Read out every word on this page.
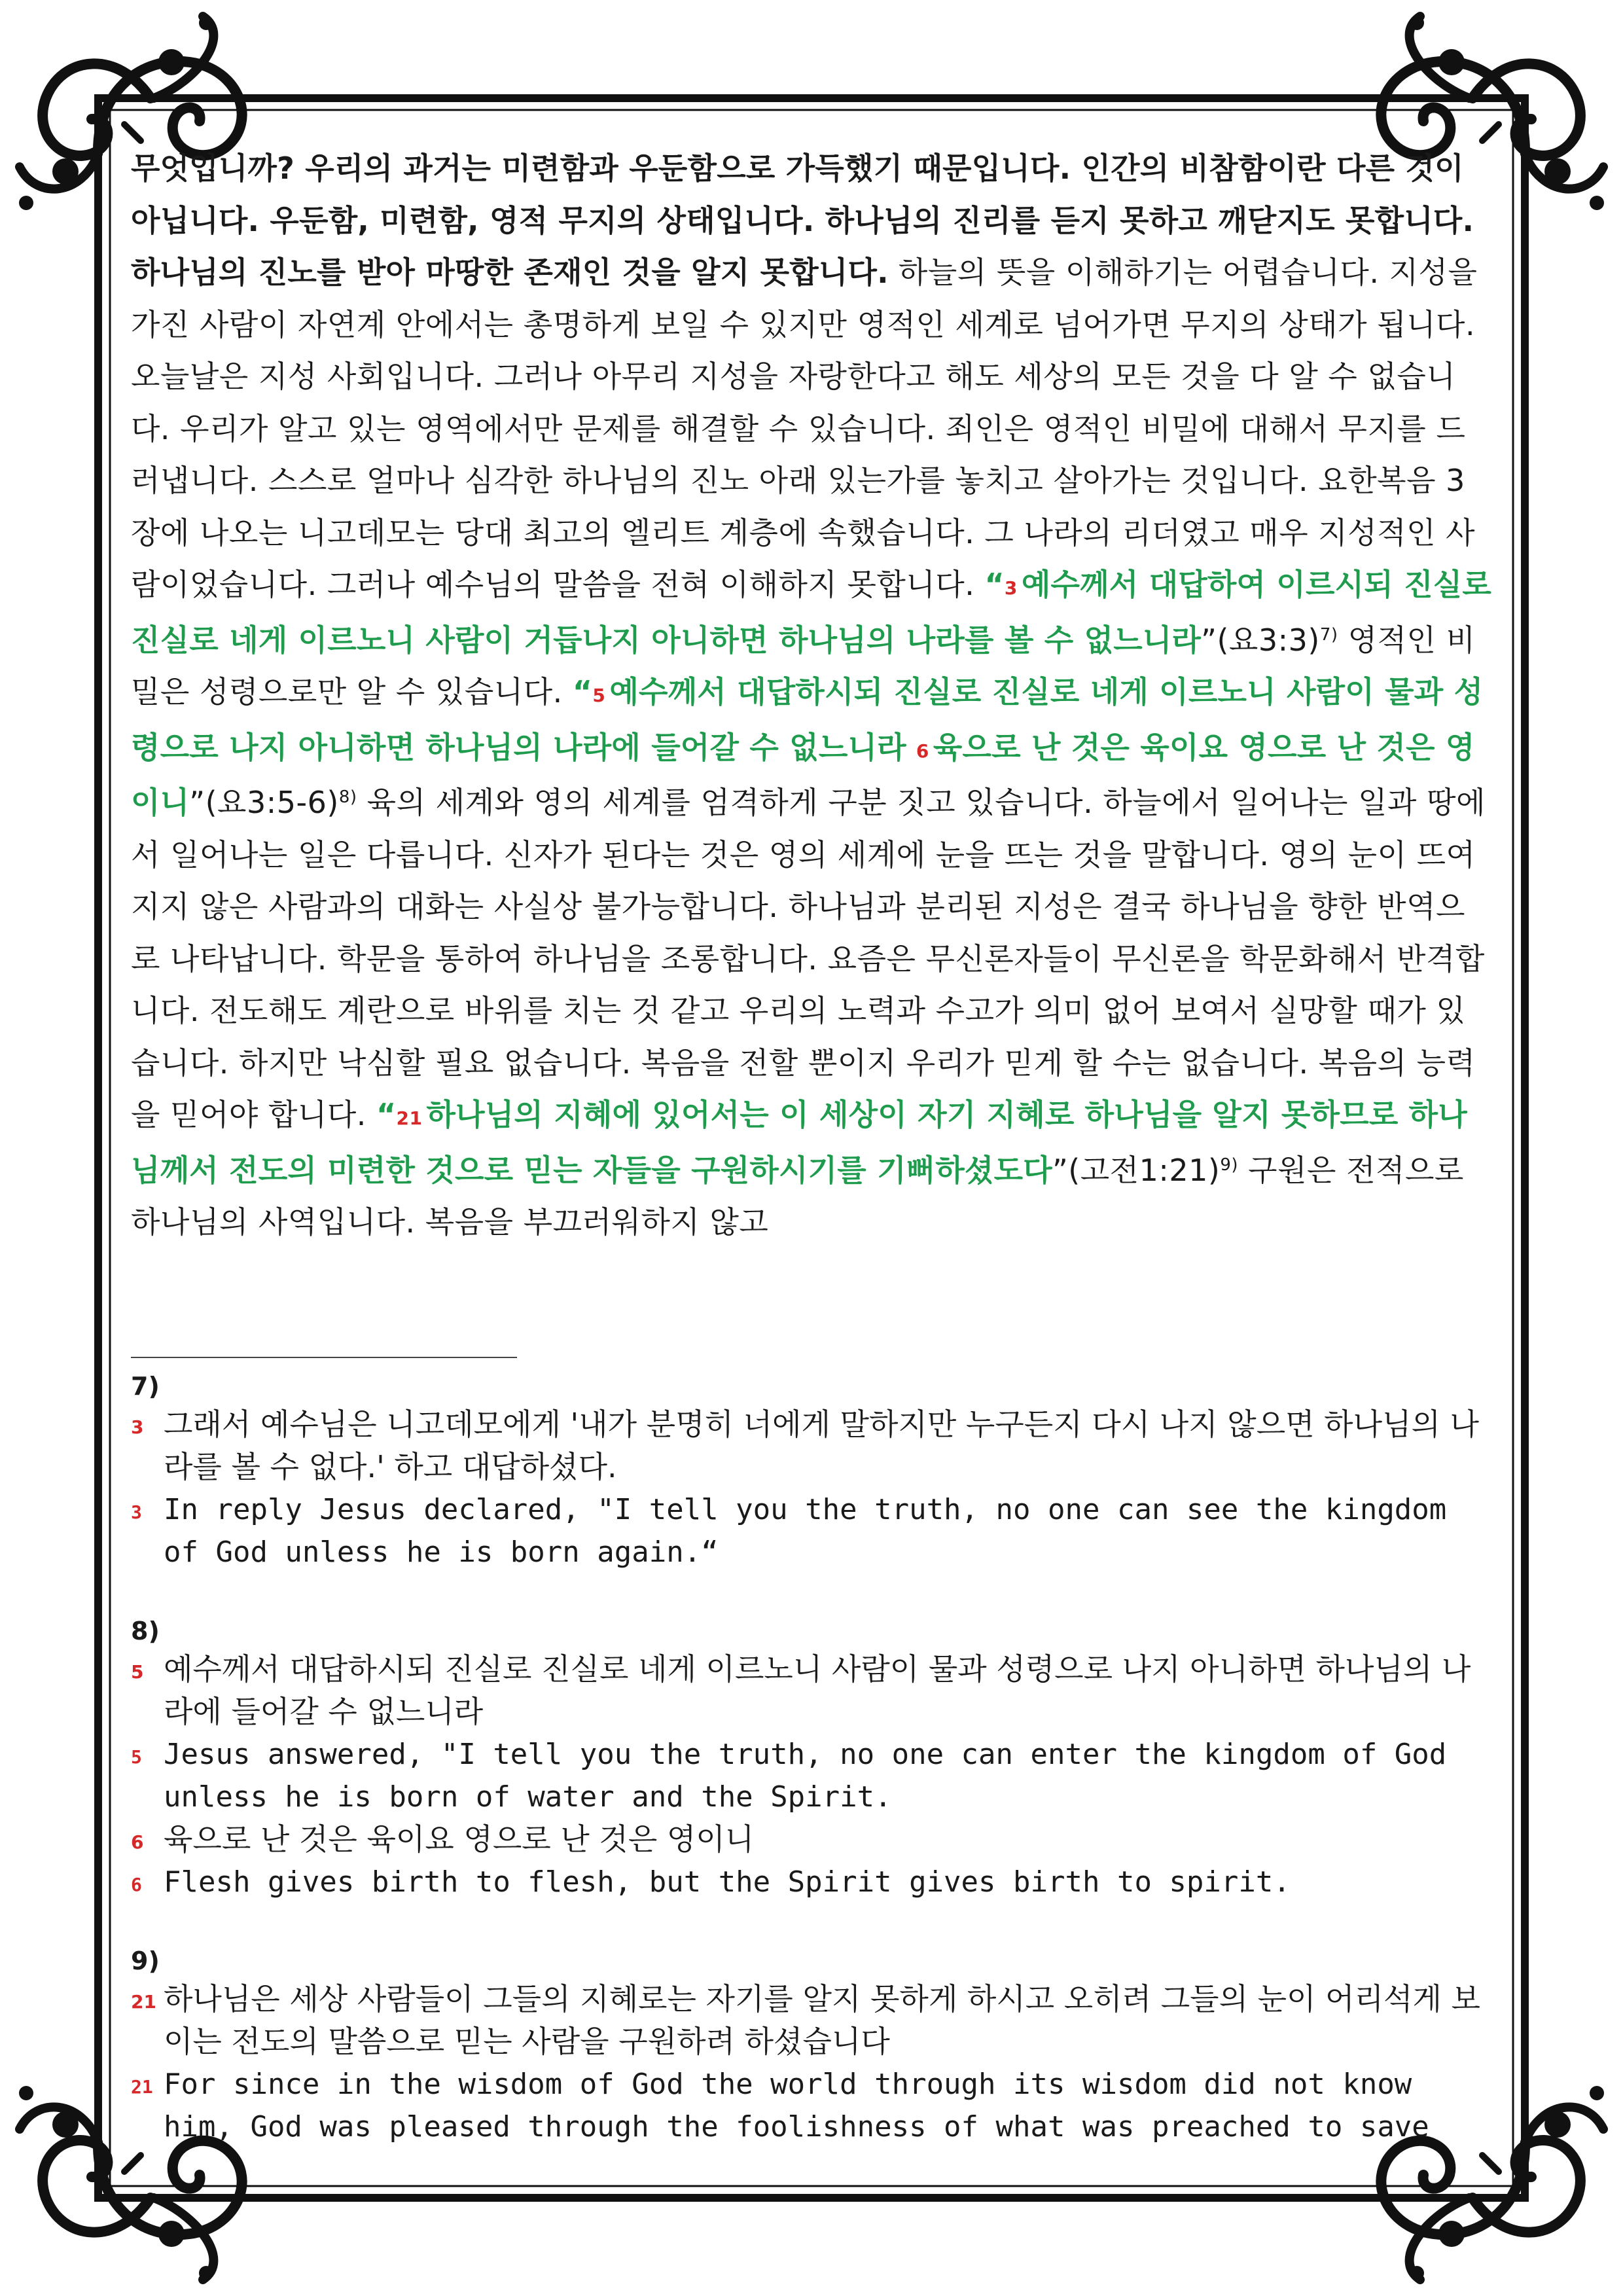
무엇입니까? 우리의 과거는 미련함과 우둔함으로 가득했기 때문입니다. 인간의 비참함이란 다른 것이 아닙니다. 우둔함, 미련함, 영적 무지의 상태입니다. 하나님의 진리를 듣지 못하고 깨닫지도 못합니다. 하나님의 진노를 받아 마땅한 존재인 것을 알지 못합니다. 하늘의 뜻을 이해하기는 어렵습니다. 지성을 가진 사람이 자연계 안에서는 총명하게 보일 수 있지만 영적인 세계로 넘어가면 무지의 상태가 됩니다. 오늘날은 지성 사회입니다. 그러나 아무리 지성을 자랑한다고 해도 세상의 모든 것을 다 알 수 없습니다. 우리가 알고 있는 영역에서만 문제를 해결할 수 있습니다. 죄인은 영적인 비밀에 대해서 무지를 드러냅니다. 스스로 얼마나 심각한 하나님의 진노 아래 있는가를 놓치고 살아가는 것입니다. 요한복음 3장에 나오는 니고데모는 당대 최고의 엘리트 계층에 속했습니다. 그 나라의 리더였고 매우 지성적인 사람이었습니다. 그러나 예수님의 말씀을 전혀 이해하지 못합니다. “3 예수께서 대답하여 이르시되 진실로 진실로 네게 이르노니 사람이 거듭나지 아니하면 하나님의 나라를 볼 수 없느니라”(요3:3)$^{7)}$ 영적인 비밀은 성령으로만 알 수 있습니다. “5 예수께서 대답하시되 진실로 진실로 네게 이르노니 사람이 물과 성령으로 나지 아니하면 하나님의 나라에 들어갈 수 없느니라 6 육으로 난 것은 육이요 영으로 난 것은 영이니”(요3:5-6)$^{8)}$ 육의 세계와 영의 세계를 엄격하게 구분 짓고 있습니다. 하늘에서 일어나는 일과 땅에서 일어나는 일은 다릅니다. 신자가 된다는 것은 영의 세계에 눈을 뜨는 것을 말합니다. 영의 눈이 뜨여지지 않은 사람과의 대화는 사실상 불가능합니다. 하나님과 분리된 지성은 결국 하나님을 향한 반역으로 나타납니다. 학문을 통하여 하나님을 조롱합니다. 요즘은 무신론자들이 무신론을 학문화해서 반격합니다. 전도해도 계란으로 바위를 치는 것 같고 우리의 노력과 수고가 의미 없어 보여서 실망할 때가 있습니다. 하지만 낙심할 필요 없습니다. 복음을 전할 뿐이지 우리가 믿게 할 수는 없습니다. 복음의 능력을 믿어야 합니다. “21 하나님의 지혜에 있어서는 이 세상이 자기 지혜로 하나님을 알지 못하므로 하나님께서 전도의 미련한 것으로 믿는 자들을 구원하시기를 기뻐하셨도다”(고전1:21)$^{9)}$ 구원은 전적으로 하나님의 사역입니다. 복음을 부끄러워하지 않고
7)
3 그래서 예수님은 니고데모에게 '내가 분명히 너에게 말하지만 누구든지 다시 나지 않으면 하나님의 나라를 볼 수 없다.' 하고 대답하셨다.
3 In reply Jesus declared, "I tell you the truth, no one can see the kingdom of God unless he is born again.“
8)
5 예수께서 대답하시되 진실로 진실로 네게 이르노니 사람이 물과 성령으로 나지 아니하면 하나님의 나라에 들어갈 수 없느니라
5 Jesus answered, "I tell you the truth, no one can enter the kingdom of God unless he is born of water and the Spirit.
6 육으로 난 것은 육이요 영으로 난 것은 영이니
6 Flesh gives birth to flesh, but the Spirit gives birth to spirit.
9)
21 하나님은 세상 사람들이 그들의 지혜로는 자기를 알지 못하게 하시고 오히려 그들의 눈이 어리석게 보이는 전도의 말씀으로 믿는 사람을 구원하려 하셨습니다
21 For since in the wisdom of God the world through its wisdom did not know him, God was pleased through the foolishness of what was preached to save
